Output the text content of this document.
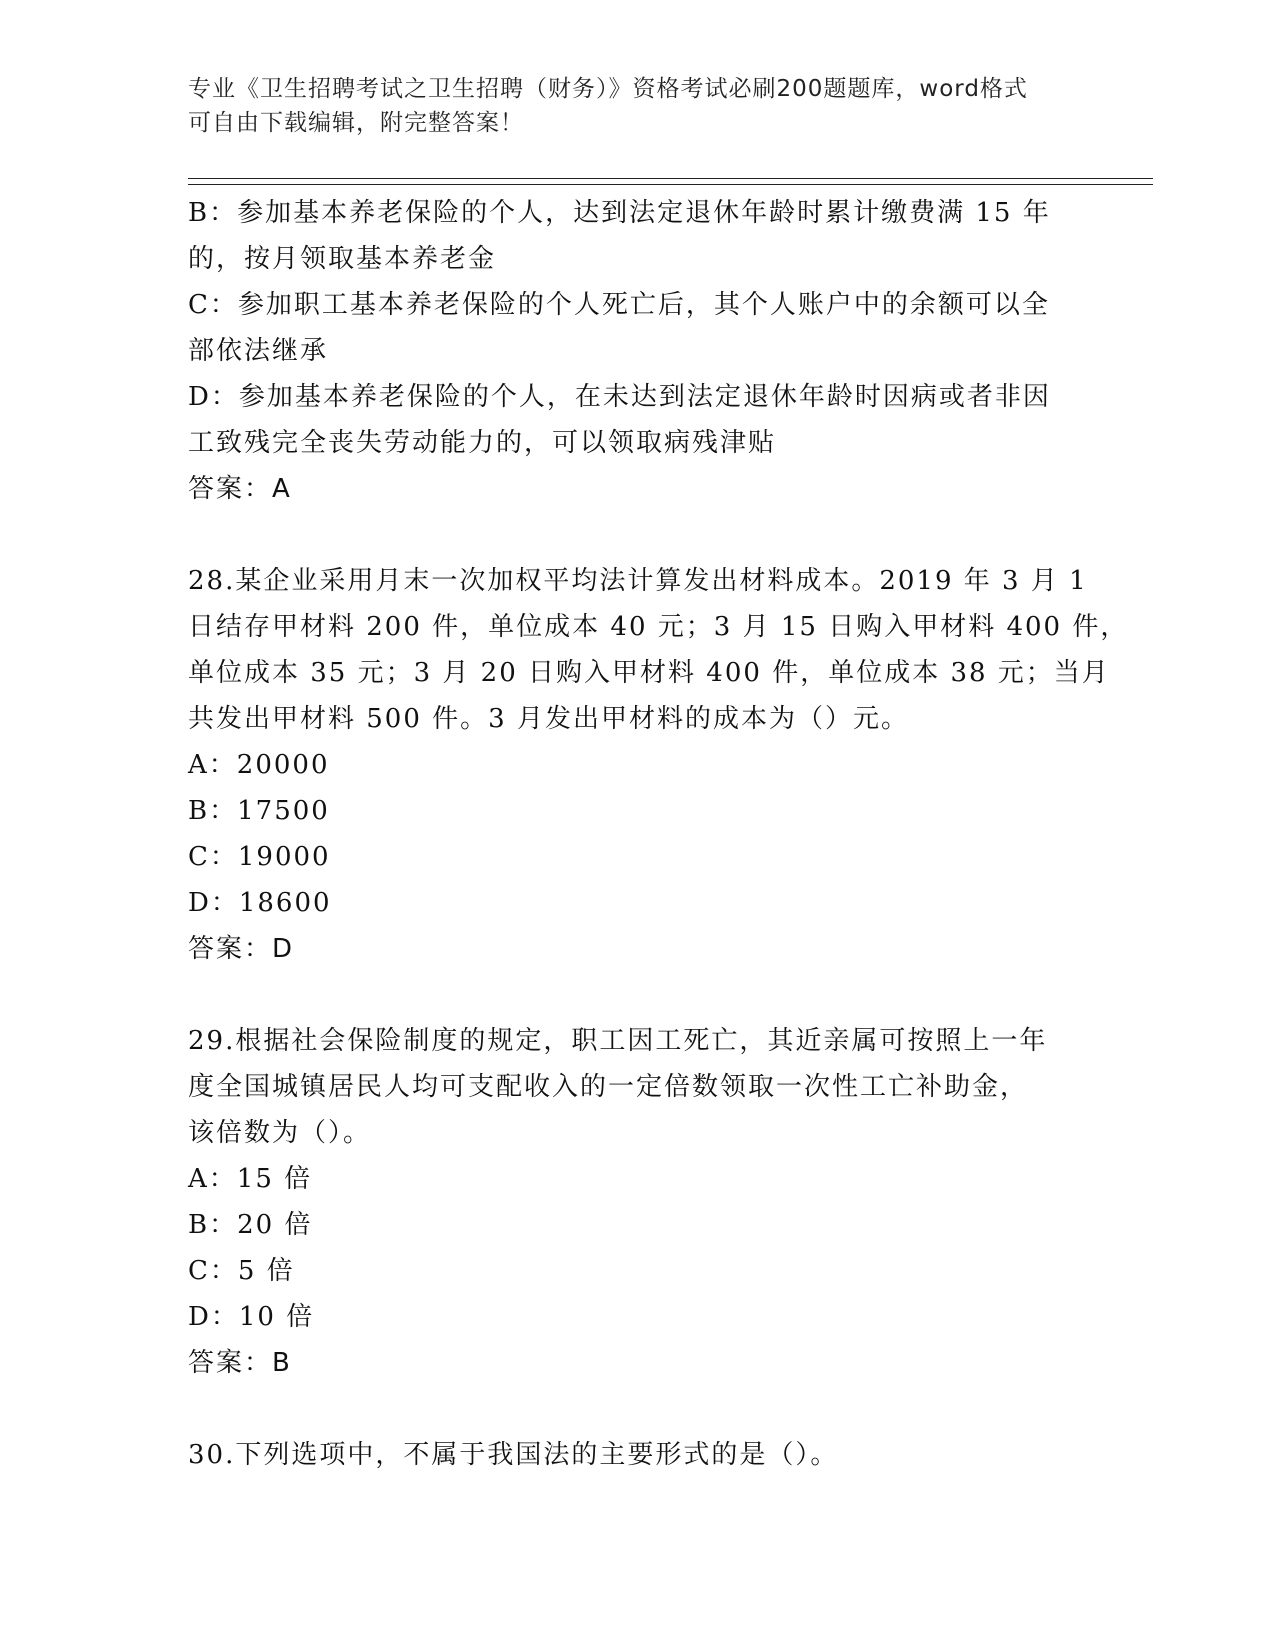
专业《卫生招聘考试之卫生招聘（财务）》资格考试必刷200题题库，word格式
可自由下载编辑，附完整答案！
B：参加基本养老保险的个人，达到法定退休年龄时累计缴费满 15 年
的，按月领取基本养老金
C：参加职工基本养老保险的个人死亡后，其个人账户中的余额可以全
部依法继承
D：参加基本养老保险的个人，在未达到法定退休年龄时因病或者非因
工致残完全丧失劳动能力的，可以领取病残津贴
答案：A
28.某企业采用月末一次加权平均法计算发出材料成本。2019 年 3 月 1
日结存甲材料 200 件，单位成本 40 元；3 月 15 日购入甲材料 400 件，
单位成本 35 元；3 月 20 日购入甲材料 400 件，单位成本 38 元；当月
共发出甲材料 500 件。3 月发出甲材料的成本为（）元。
A：20000
B：17500
C：19000
D：18600
答案：D
29.根据社会保险制度的规定，职工因工死亡，其近亲属可按照上一年
度全国城镇居民人均可支配收入的一定倍数领取一次性工亡补助金，
该倍数为（）。
A：15 倍
B：20 倍
C：5 倍
D：10 倍
答案：B
30.下列选项中，不属于我国法的主要形式的是（）。
